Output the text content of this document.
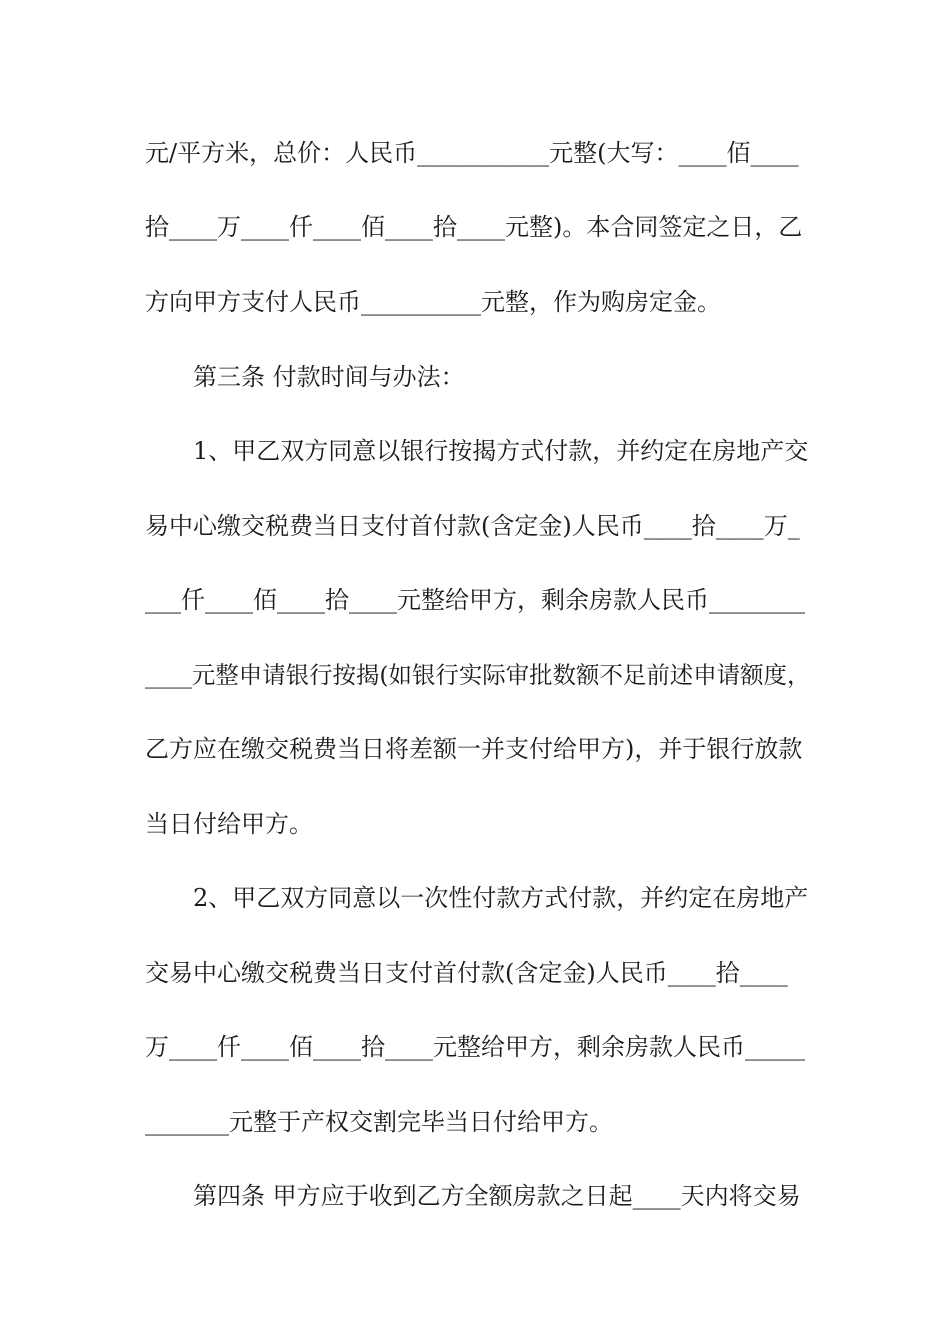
元/平方米，总价：人民币___________元整(大写：____佰____
拾____万____仟____佰____拾____元整)。本合同签定之日，乙
方向甲方支付人民币__________元整，作为购房定金。
第三条 付款时间与办法：
1、甲乙双方同意以银行按揭方式付款，并约定在房地产交
易中心缴交税费当日支付首付款(含定金)人民币____拾____万_
___仟____佰____拾____元整给甲方，剩余房款人民币________
____元整申请银行按揭(如银行实际审批数额不足前述申请额度，
乙方应在缴交税费当日将差额一并支付给甲方)，并于银行放款
当日付给甲方。
2、甲乙双方同意以一次性付款方式付款，并约定在房地产
交易中心缴交税费当日支付首付款(含定金)人民币____拾____
万____仟____佰____拾____元整给甲方，剩余房款人民币_____
_______元整于产权交割完毕当日付给甲方。
第四条 甲方应于收到乙方全额房款之日起____天内将交易
